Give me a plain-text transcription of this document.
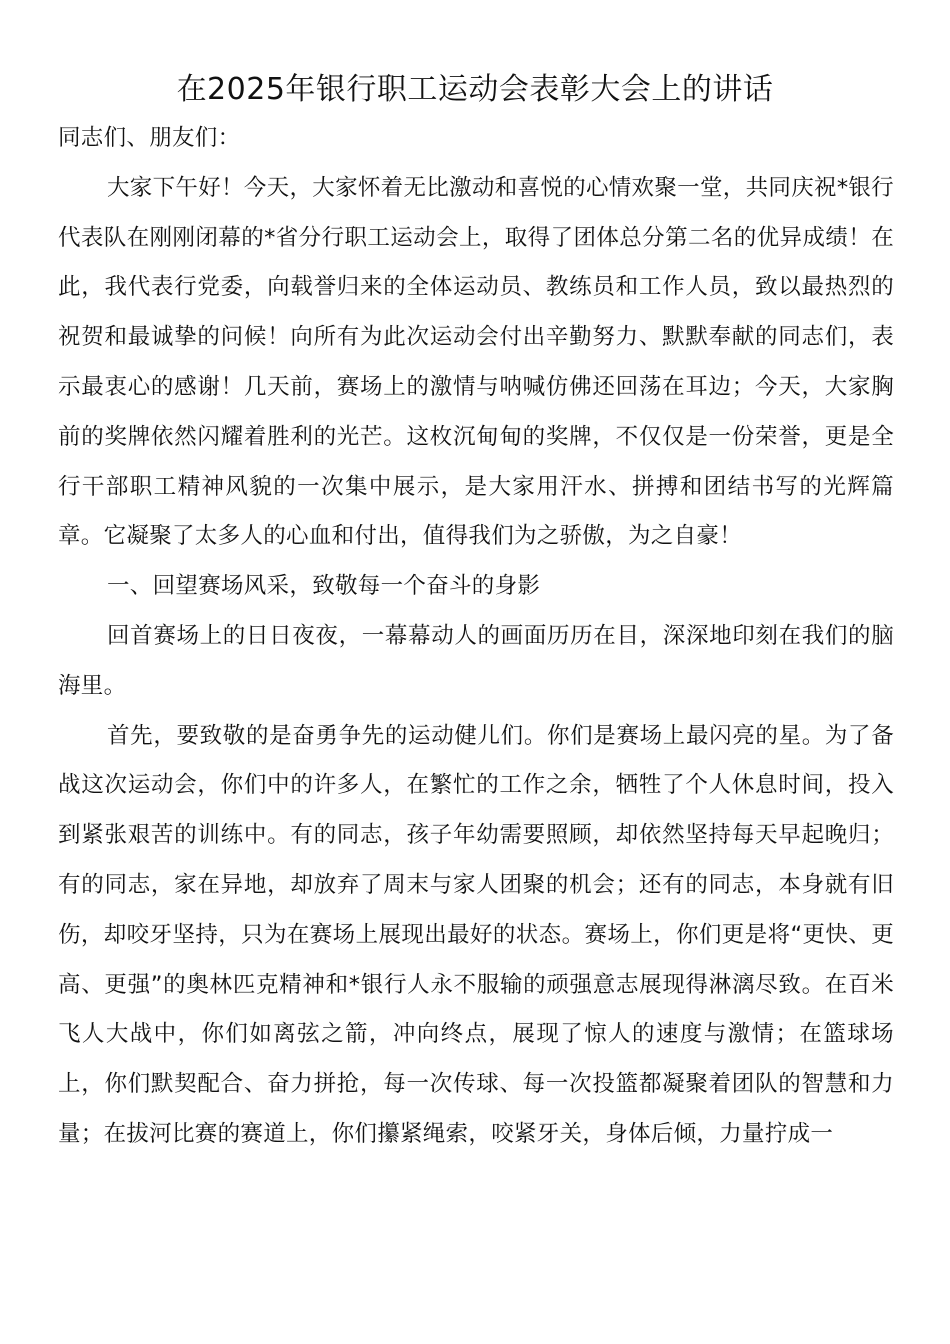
在2025年银行职工运动会表彰大会上的讲话

同志们、朋友们：

大家下午好！今天，大家怀着无比激动和喜悦的心情欢聚一堂，共同庆祝*银行代表队在刚刚闭幕的*省分行职工运动会上，取得了团体总分第二名的优异成绩！在此，我代表行党委，向载誉归来的全体运动员、教练员和工作人员，致以最热烈的祝贺和最诚挚的问候！向所有为此次运动会付出辛勤努力、默默奉献的同志们，表示最衷心的感谢！几天前，赛场上的激情与呐喊仿佛还回荡在耳边；今天，大家胸前的奖牌依然闪耀着胜利的光芒。这枚沉甸甸的奖牌，不仅仅是一份荣誉，更是全行干部职工精神风貌的一次集中展示，是大家用汗水、拼搏和团结书写的光辉篇章。它凝聚了太多人的心血和付出，值得我们为之骄傲，为之自豪！

一、回望赛场风采，致敬每一个奋斗的身影

回首赛场上的日日夜夜，一幕幕动人的画面历历在目，深深地印刻在我们的脑海里。

首先，要致敬的是奋勇争先的运动健儿们。你们是赛场上最闪亮的星。为了备战这次运动会，你们中的许多人，在繁忙的工作之余，牺牲了个人休息时间，投入到紧张艰苦的训练中。有的同志，孩子年幼需要照顾，却依然坚持每天早起晚归；有的同志，家在异地，却放弃了周末与家人团聚的机会；还有的同志，本身就有旧伤，却咬牙坚持，只为在赛场上展现出最好的状态。赛场上，你们更是将“更快、更高、更强”的奥林匹克精神和*银行人永不服输的顽强意志展现得淋漓尽致。在百米飞人大战中，你们如离弦之箭，冲向终点，展现了惊人的速度与激情；在篮球场上，你们默契配合、奋力拼抢，每一次传球、每一次投篮都凝聚着团队的智慧和力量；在拔河比赛的赛道上，你们攥紧绳索，咬紧牙关，身体后倾，力量拧成一
